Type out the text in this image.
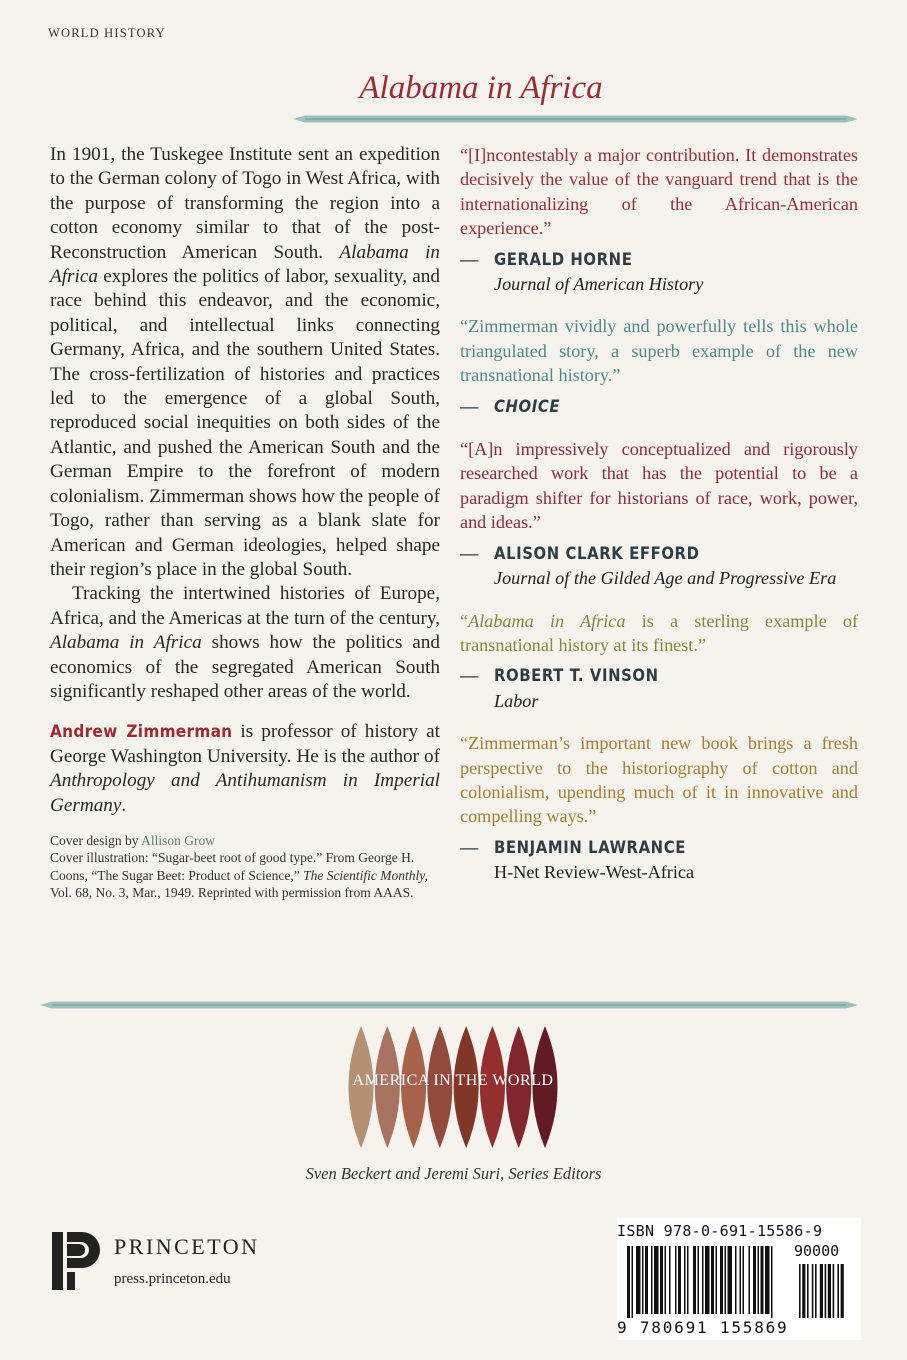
WORLD HISTORY
Alabama in Africa

In 1901, the Tuskegee Institute sent an expedition to the German colony of Togo in West Africa, with the purpose of transforming the region into a cotton economy similar to that of the post-Reconstruction American South. Alabama in Africa explores the politics of labor, sexuality, and race behind this endeavor, and the economic, political, and intellectual links connecting Germany, Africa, and the southern United States. The cross-fertilization of histories and practices led to the emergence of a global South, reproduced social inequities on both sides of the Atlantic, and pushed the American South and the German Empire to the forefront of modern colonialism. Zimmerman shows how the people of Togo, rather than serving as a blank slate for American and German ideologies, helped shape their region’s place in the global South.

Tracking the intertwined histories of Europe, Africa, and the Americas at the turn of the century, Alabama in Africa shows how the politics and economics of the segregated American South significantly reshaped other areas of the world.

Andrew Zimmerman is professor of history at George Washington University. He is the author of Anthropology and Antihumanism in Imperial Germany.

Cover design by Allison Grow
Cover illustration: “Sugar-beet root of good type.” From George H. Coons, “The Sugar Beet: Product of Science,” The Scientific Monthly, Vol. 68, No. 3, Mar., 1949. Reprinted with permission from AAAS.
“[I]ncontestably a major contribution. It demonstrates decisively the value of the vanguard trend that is the internationalizing of the African-American experience.”
— GERALD HORNE
Journal of American History
“Zimmerman vividly and powerfully tells this whole triangulated story, a superb example of the new transnational history.”
— CHOICE
“[A]n impressively conceptualized and rigorously researched work that has the potential to be a paradigm shifter for historians of race, work, power, and ideas.”
— ALISON CLARK EFFORD
Journal of the Gilded Age and Progressive Era
“Alabama in Africa is a sterling example of transnational history at its finest.”
— ROBERT T. VINSON
Labor
“Zimmerman’s important new book brings a fresh perspective to the historiography of cotton and colonialism, upending much of it in innovative and compelling ways.”
— BENJAMIN LAWRANCE
H-Net Review-West-Africa
AMERICA IN THE WORLD
Sven Beckert and Jeremi Suri, Series Editors
PRINCETON
press.princeton.edu
ISBN 978-0-691-15586-9
90000
9 780691 155869
